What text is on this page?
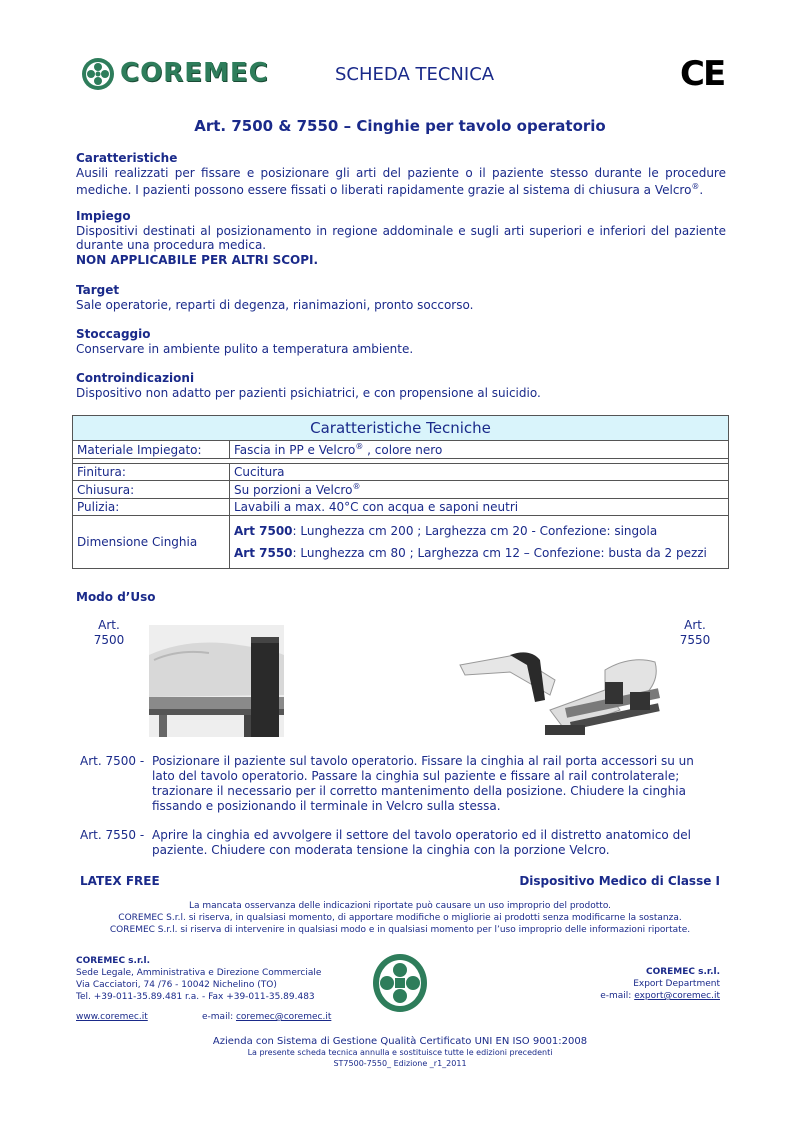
COREMEC	SCHEDA TECNICA	CE
Art. 7500 & 7550 – Cinghie per tavolo operatorio
Caratteristiche

Ausili realizzati per fissare e posizionare gli arti del paziente o il paziente stesso durante le procedure mediche. I pazienti possono essere fissati o liberati rapidamente grazie al sistema di chiusura a Velcro®.

Impiego

Dispositivi destinati al posizionamento in regione addominale e sugli arti superiori e inferiori del paziente durante una procedura medica.

NON APPLICABILE PER ALTRI SCOPI.

Target

Sale operatorie, reparti di degenza, rianimazioni, pronto soccorso.

Stoccaggio

Conservare in ambiente pulito a temperatura ambiente.

Controindicazioni

Dispositivo non adatto per pazienti psichiatrici, e con propensione al suicidio.

Caratteristiche Tecniche	
Materiale Impiegato:	Fascia in PP e Velcro® , colore nero

Finitura:	Cucitura
Chiusura:	Su porzioni a Velcro®
Pulizia:	Lavabili a max. 40°C con acqua e saponi neutri
Dimensione Cinghia	Art 7500: Lunghezza cm 200 ; Larghezza cm 20 - Confezione: singola
Art 7550: Lunghezza cm 80 ; Larghezza cm 12 – Confezione: busta da 2 pezzi
Modo d’Uso
Art.
7500
Art.
7550
Art. 7500 - Posizionare il paziente sul tavolo operatorio. Fissare la cinghia al rail porta accessori su un lato del tavolo operatorio. Passare la cinghia sul paziente e fissare al rail controlaterale; trazionare il necessario per il corretto mantenimento della posizione. Chiudere la cinghia fissando e posizionando il terminale in Velcro sulla stessa.
Art. 7550 - Aprire la cinghia ed avvolgere il settore del tavolo operatorio ed il distretto anatomico del paziente. Chiudere con moderata tensione la cinghia con la porzione Velcro.
LATEX FREE	Dispositivo Medico di Classe I
La mancata osservanza delle indicazioni riportate può causare un uso improprio del prodotto.
COREMEC S.r.l. si riserva, in qualsiasi momento, di apportare modifiche o migliorie ai prodotti senza modificarne la sostanza.
COREMEC S.r.l. si riserva di intervenire in qualsiasi modo e in qualsiasi momento per l’uso improprio delle informazioni riportate.
COREMEC s.r.l.
Sede Legale, Amministrativa e Direzione Commerciale
Via Cacciatori, 74 /76 - 10042 Nichelino (TO)
Tel. +39-011-35.89.481 r.a. - Fax +39-011-35.89.483
COREMEC s.r.l.
Export Department
e-mail: export@coremec.it
www.coremec.it	e-mail: coremec@coremec.it
Azienda con Sistema di Gestione Qualità Certificato UNI EN ISO 9001:2008
La presente scheda tecnica annulla e sostituisce tutte le edizioni precedenti
ST7500-7550_ Edizione _r1_2011
